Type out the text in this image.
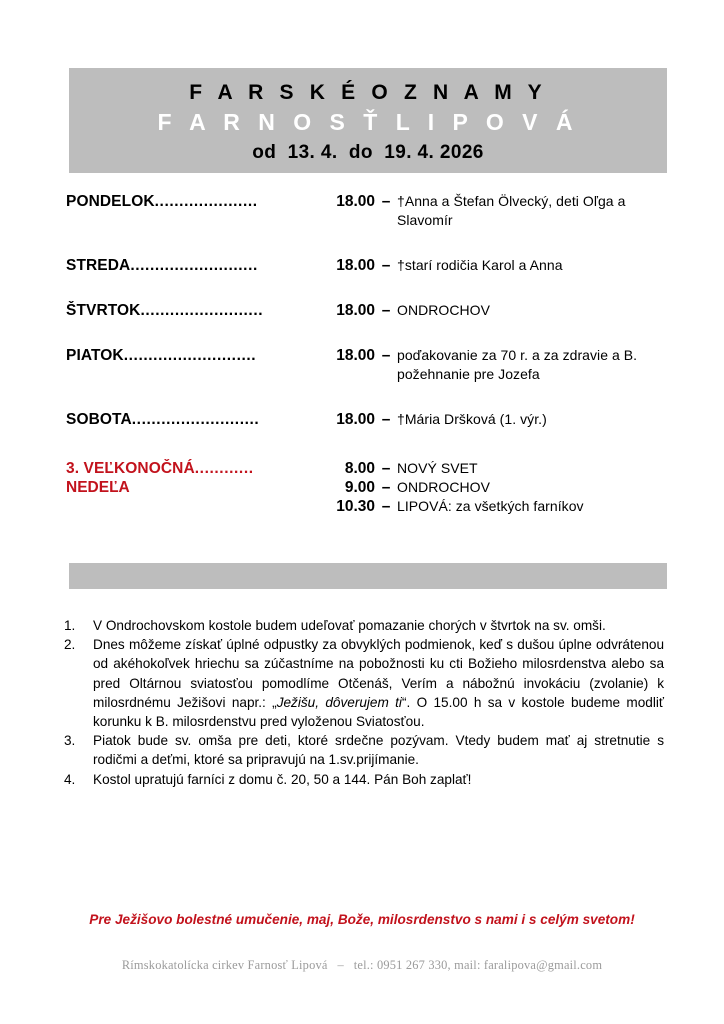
F A R S K É O Z N A M Y
F A R N O S Ť L I P O V Á
od  13. 4.  do  19. 4. 2026
PONDELOK.....................	18.00 – †Anna a Štefan Ölvecký, deti Oľga a Slavomír
STREDA..........................	18.00 – †starí rodičia Karol a Anna
ŠTVRTOK.........................	18.00 – ONDROCHOV
PIATOK...........................	18.00 – poďakovanie za 70 r. a za zdravie a B. požehnanie pre Jozefa
SOBOTA..........................	18.00 – †Mária Dršková (1. výr.)
3. VEĽKONOČNÁ............	8.00 – NOVÝ SVET
9.00 – ONDROCHOV
10.30 – LIPOVÁ: za všetkých farníkov
NEDEĽA
1.	V Ondrochovskom kostole budem udeľovať pomazanie chorých v štvrtok na sv. omši.
2.	Dnes môžeme získať úplné odpustky za obvyklých podmienok, keď s dušou úplne odvrátenou od akéhokoľvek hriechu sa zúčastníme na pobožnosti ku cti Božieho milosrdenstva alebo sa pred Oltárnou sviatosťou pomodlíme Otčenáš, Verím a nábožnú invokáciu (zvolanie) k milosrdnému Ježišovi napr.: „Ježišu, dôverujem ti“. O 15.00 h sa v kostole budeme modliť korunku k B. milosrdenstvu pred vyloženou Sviatosťou.
3.	Piatok bude sv. omša pre deti, ktoré srdečne pozývam. Vtedy budem mať aj stretnutie s rodičmi a deťmi, ktoré sa pripravujú na 1.sv.prijímanie.
4.	Kostol upratujú farníci z domu č. 20, 50 a 144. Pán Boh zaplať!
Pre Ježišovo bolestné umučenie, maj, Bože, milosrdenstvo s nami i s celým svetom!
Rímskokatolícka cirkev Farnosť Lipová   –   tel.: 0951 267 330, mail: faralipova@gmail.com
